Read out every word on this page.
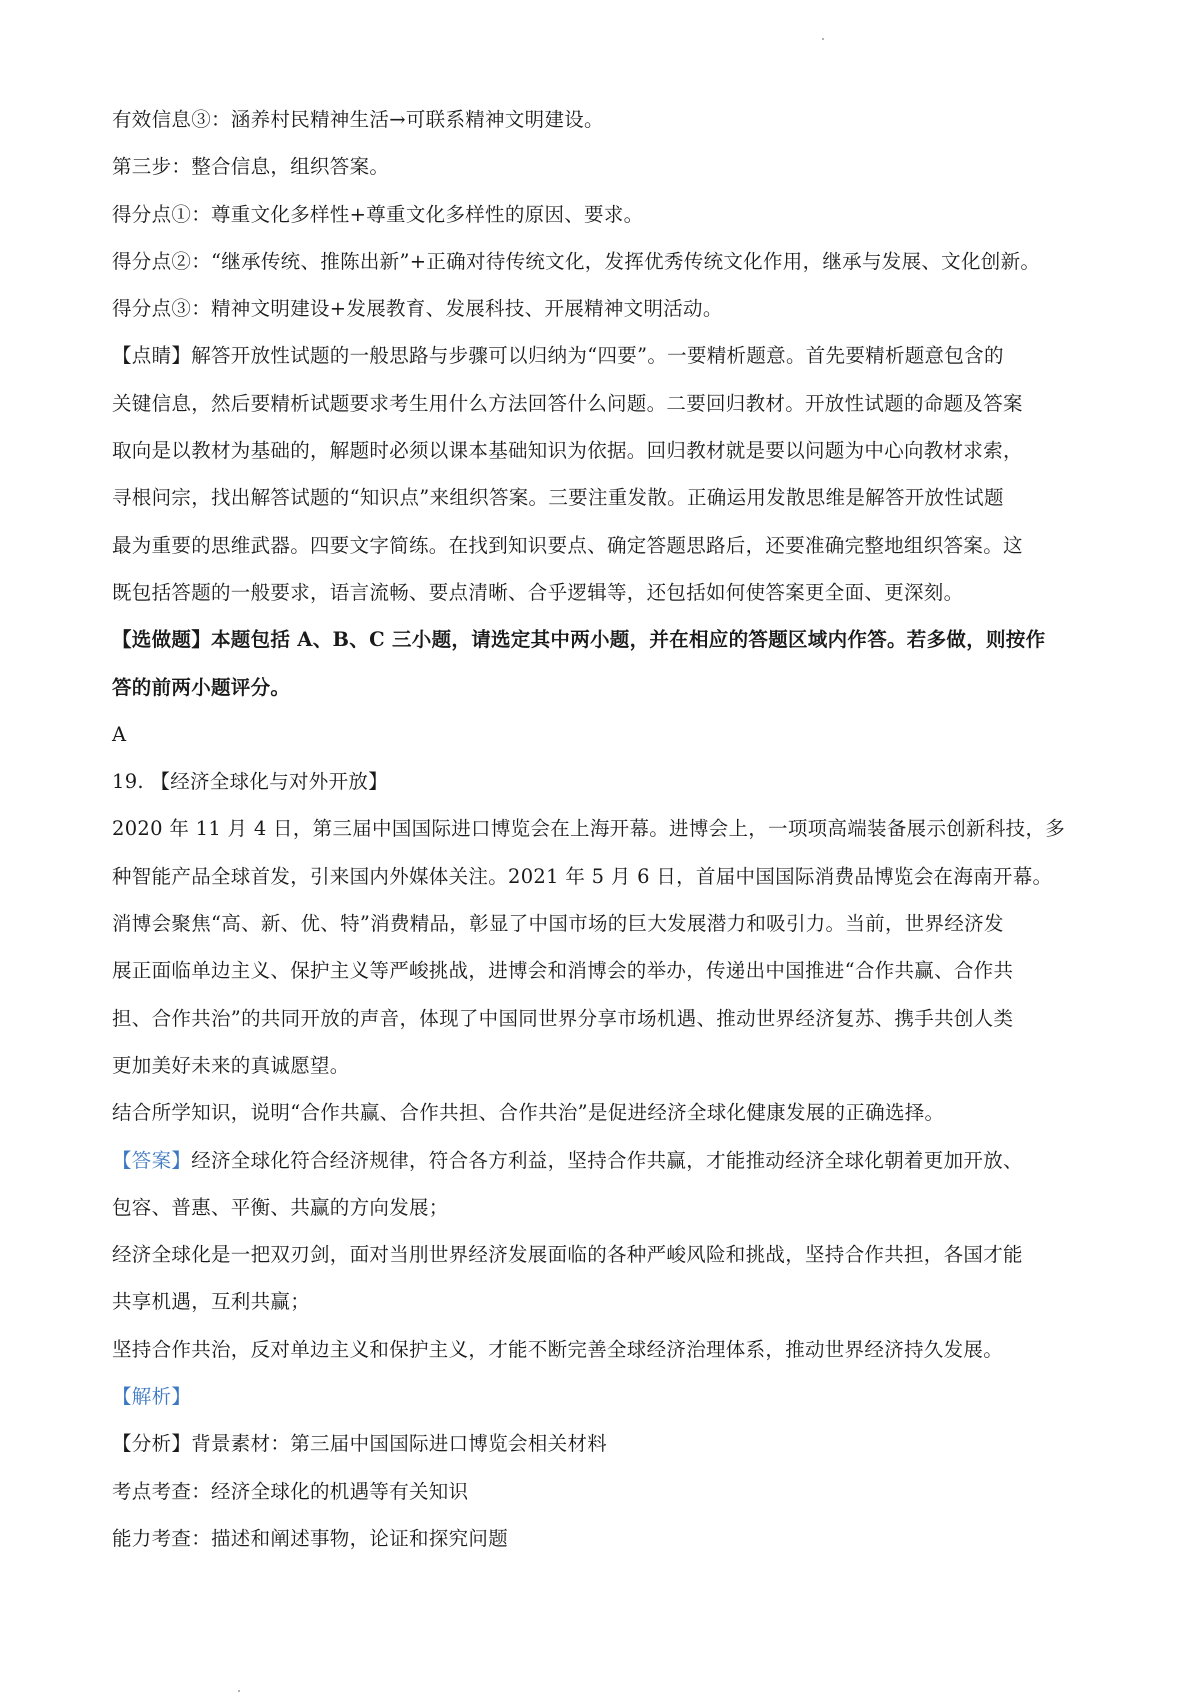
有效信息③：涵养村民精神生活→可联系精神文明建设。
第三步：整合信息，组织答案。
得分点①：尊重文化多样性+尊重文化多样性的原因、要求。
得分点②：“继承传统、推陈出新”+正确对待传统文化，发挥优秀传统文化作用，继承与发展、文化创新。
得分点③：精神文明建设+发展教育、发展科技、开展精神文明活动。
【点睛】解答开放性试题的一般思路与步骤可以归纳为“四要”。一要精析题意。首先要精析题意包含的
关键信息，然后要精析试题要求考生用什么方法回答什么问题。二要回归教材。开放性试题的命题及答案
取向是以教材为基础的，解题时必须以课本基础知识为依据。回归教材就是要以问题为中心向教材求索，
寻根问宗，找出解答试题的“知识点”来组织答案。三要注重发散。正确运用发散思维是解答开放性试题
最为重要的思维武器。四要文字简练。在找到知识要点、确定答题思路后，还要准确完整地组织答案。这
既包括答题的一般要求，语言流畅、要点清晰、合乎逻辑等，还包括如何使答案更全面、更深刻。
【选做题】本题包括 A、B、C 三小题，请选定其中两小题，并在相应的答题区域内作答。若多做，则按作
答的前两小题评分。
A
19. 【经济全球化与对外开放】
2020 年 11 月 4 日，第三届中国国际进口博览会在上海开幕。进博会上，一项项高端装备展示创新科技，多
种智能产品全球首发，引来国内外媒体关注。2021 年 5 月 6 日，首届中国国际消费品博览会在海南开幕。
消博会聚焦“高、新、优、特”消费精品，彰显了中国市场的巨大发展潜力和吸引力。当前，世界经济发
展正面临单边主义、保护主义等严峻挑战，进博会和消博会的举办，传递出中国推进“合作共赢、合作共
担、合作共治”的共同开放的声音，体现了中国同世界分享市场机遇、推动世界经济复苏、携手共创人类
更加美好未来的真诚愿望。
结合所学知识，说明“合作共赢、合作共担、合作共治”是促进经济全球化健康发展的正确选择。
【答案】经济全球化符合经济规律，符合各方利益，坚持合作共赢，才能推动经济全球化朝着更加开放、
包容、普惠、平衡、共赢的方向发展；
经济全球化是一把双刃剑，面对当刖世界经济发展面临的各种严峻风险和挑战，坚持合作共担，各国才能
共享机遇，互利共赢；
坚持合作共治，反对单边主义和保护主义，才能不断完善全球经济治理体系，推动世界经济持久发展。
【解析】
【分析】背景素材：第三届中国国际进口博览会相关材料
考点考查：经济全球化的机遇等有关知识
能力考查：描述和阐述事物，论证和探究问题
